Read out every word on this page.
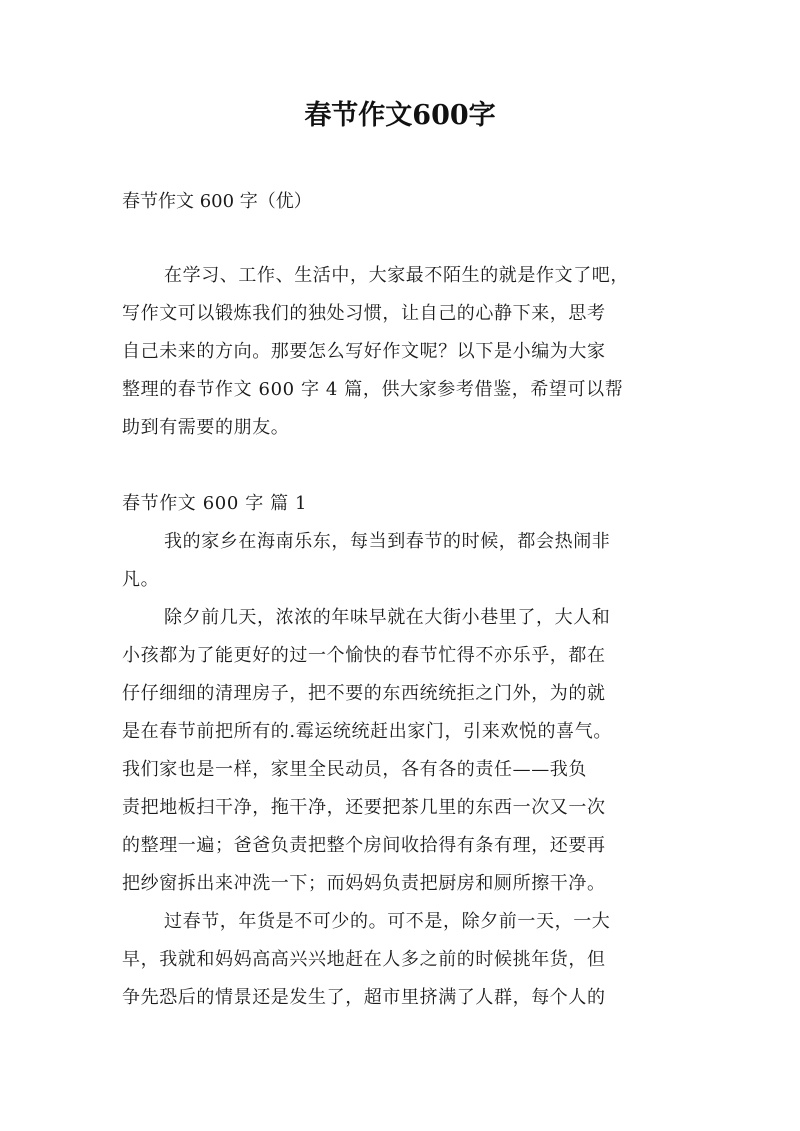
春节作文600字

春节作文 600 字（优）

在学习、工作、生活中，大家最不陌生的就是作文了吧，
写作文可以锻炼我们的独处习惯，让自己的心静下来，思考
自己未来的方向。那要怎么写好作文呢？以下是小编为大家
整理的春节作文 600 字 4 篇，供大家参考借鉴，希望可以帮
助到有需要的朋友。
春节作文 600 字 篇 1
我的家乡在海南乐东，每当到春节的时候，都会热闹非
凡。
除夕前几天，浓浓的年味早就在大街小巷里了，大人和
小孩都为了能更好的过一个愉快的春节忙得不亦乐乎，都在
仔仔细细的清理房子，把不要的东西统统拒之门外，为的就
是在春节前把所有的.霉运统统赶出家门，引来欢悦的喜气。
我们家也是一样，家里全民动员，各有各的责任——我负
责把地板扫干净，拖干净，还要把茶几里的东西一次又一次
的整理一遍；爸爸负责把整个房间收拾得有条有理，还要再
把纱窗拆出来冲洗一下；而妈妈负责把厨房和厕所擦干净。
过春节，年货是不可少的。可不是，除夕前一天，一大
早，我就和妈妈高高兴兴地赶在人多之前的时候挑年货，但
争先恐后的情景还是发生了，超市里挤满了人群，每个人的
